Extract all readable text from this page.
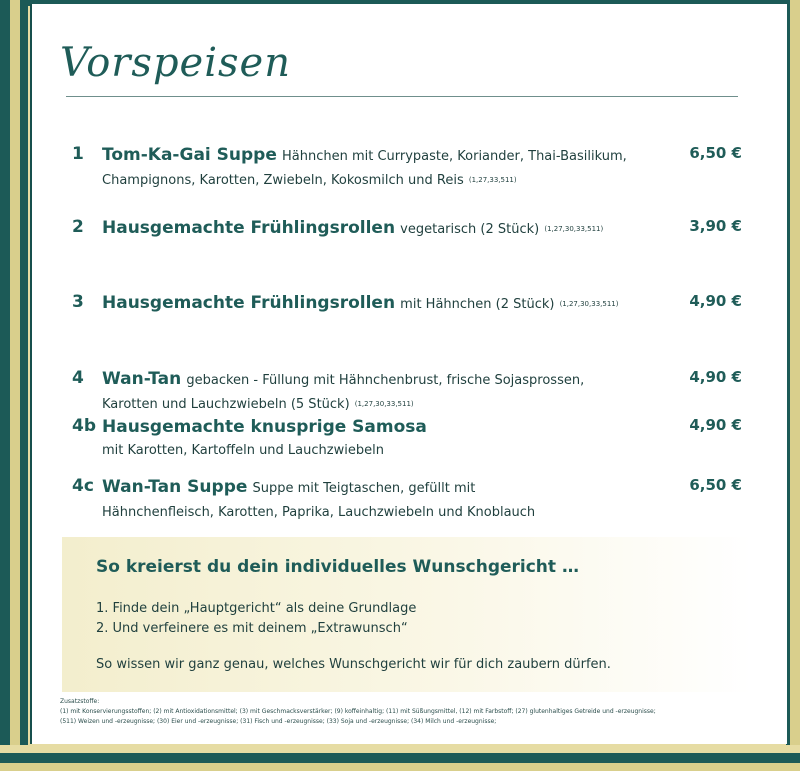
Vorspeisen
1 Tom-Ka-Gai Suppe Hähnchen mit Currypaste, Koriander, Thai-Basilikum,
Champignons, Karotten, Zwiebeln, Kokosmilch und Reis $^{(1,27,33,511)}$
6,50 €
2 Hausgemachte Frühlingsrollen vegetarisch (2 Stück) $^{(1,27,30,33,511)}$	3,90 €
3 Hausgemachte Frühlingsrollen mit Hähnchen (2 Stück) $^{(1,27,30,33,511)}$	4,90 €
4 Wan-Tan gebacken - Füllung mit Hähnchenbrust, frische Sojasprossen,
Karotten und Lauchzwiebeln (5 Stück) $^{(1,27,30,33,511)}$
4,90 €
4b Hausgemachte knusprige Samosa
mit Karotten, Kartoffeln und Lauchzwiebeln
4,90 €
4c Wan-Tan Suppe Suppe mit Teigtaschen, gefüllt mit
Hähnchenfleisch, Karotten, Paprika, Lauchzwiebeln und Knoblauch
6,50 €
So kreierst du dein individuelles Wunschgericht …
1. Finde dein „Hauptgericht“ als deine Grundlage
2. Und verfeinere es mit deinem „Extrawunsch“
So wissen wir ganz genau, welches Wunschgericht wir für dich zaubern dürfen.
Zusatzstoffe:
(1) mit Konservierungsstoffen; (2) mit Antioxidationsmittel; (3) mit Geschmacksverstärker; (9) koffeinhaltig; (11) mit Süßungsmittel, (12) mit Farbstoff; (27) glutenhaltiges Getreide und -erzeugnisse;
(511) Weizen und -erzeugnisse; (30) Eier und -erzeugnisse; (31) Fisch und -erzeugnisse; (33) Soja und -erzeugnisse; (34) Milch und -erzeugnisse;
